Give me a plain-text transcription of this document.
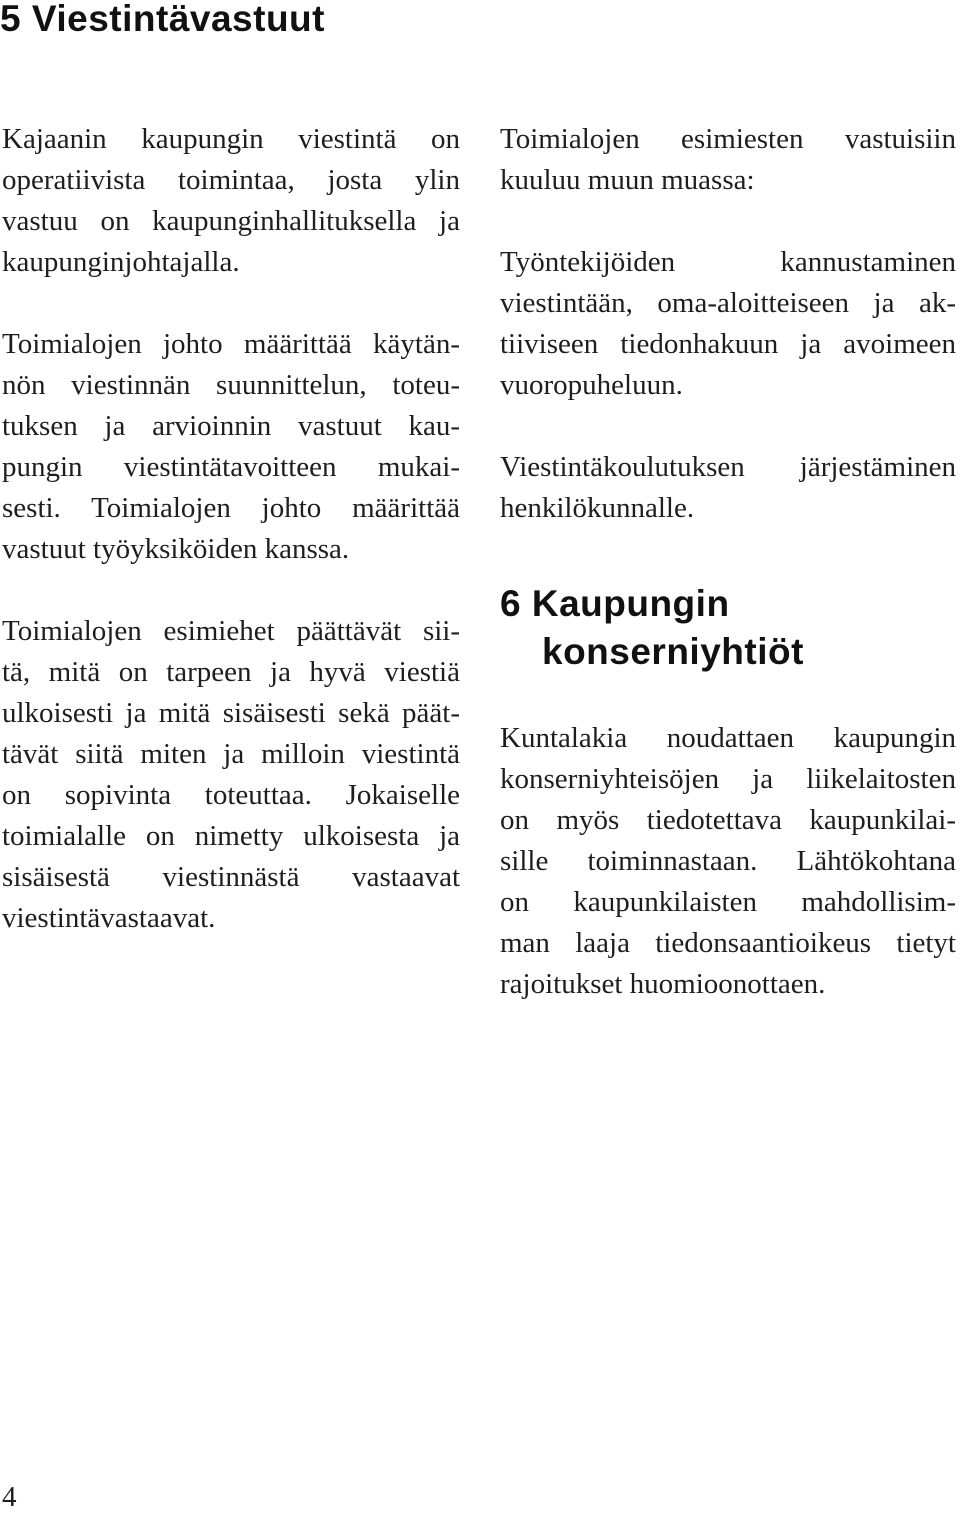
5 Viestintävastuut

Kajaanin kaupungin viestintä on
operatiivista toimintaa, josta ylin
vastuu on kaupunginhallituksella ja
kaupunginjohtajalla.

Toimialojen johto määrittää käytän-
nön viestinnän suunnittelun, toteu-
tuksen ja arvioinnin vastuut kau-
pungin viestintätavoitteen mukai-
sesti. Toimialojen johto määrittää
vastuut työyksiköiden kanssa.

Toimialojen esimiehet päättävät sii-
tä, mitä on tarpeen ja hyvä viestiä
ulkoisesti ja mitä sisäisesti sekä päät-
tävät siitä miten ja milloin viestintä
on sopivinta toteuttaa. Jokaiselle
toimialalle on nimetty ulkoisesta ja
sisäisestä viestinnästä vastaavat
viestintävastaavat.

Toimialojen esimiesten vastuisiin
kuuluu muun muassa:

Työntekijöiden kannustaminen
viestintään, oma-aloitteiseen ja ak-
tiiviseen tiedonhakuun ja avoimeen
vuoropuheluun.

Viestintäkoulutuksen järjestäminen
henkilökunnalle.

6 Kaupungin
konserniyhtiöt

Kuntalakia noudattaen kaupungin
konserniyhteisöjen ja liikelaitosten
on myös tiedotettava kaupunkilai-
sille toiminnastaan. Lähtökohtana
on kaupunkilaisten mahdollisim-
man laaja tiedonsaantioikeus tietyt
rajoitukset huomioonottaen.

4
